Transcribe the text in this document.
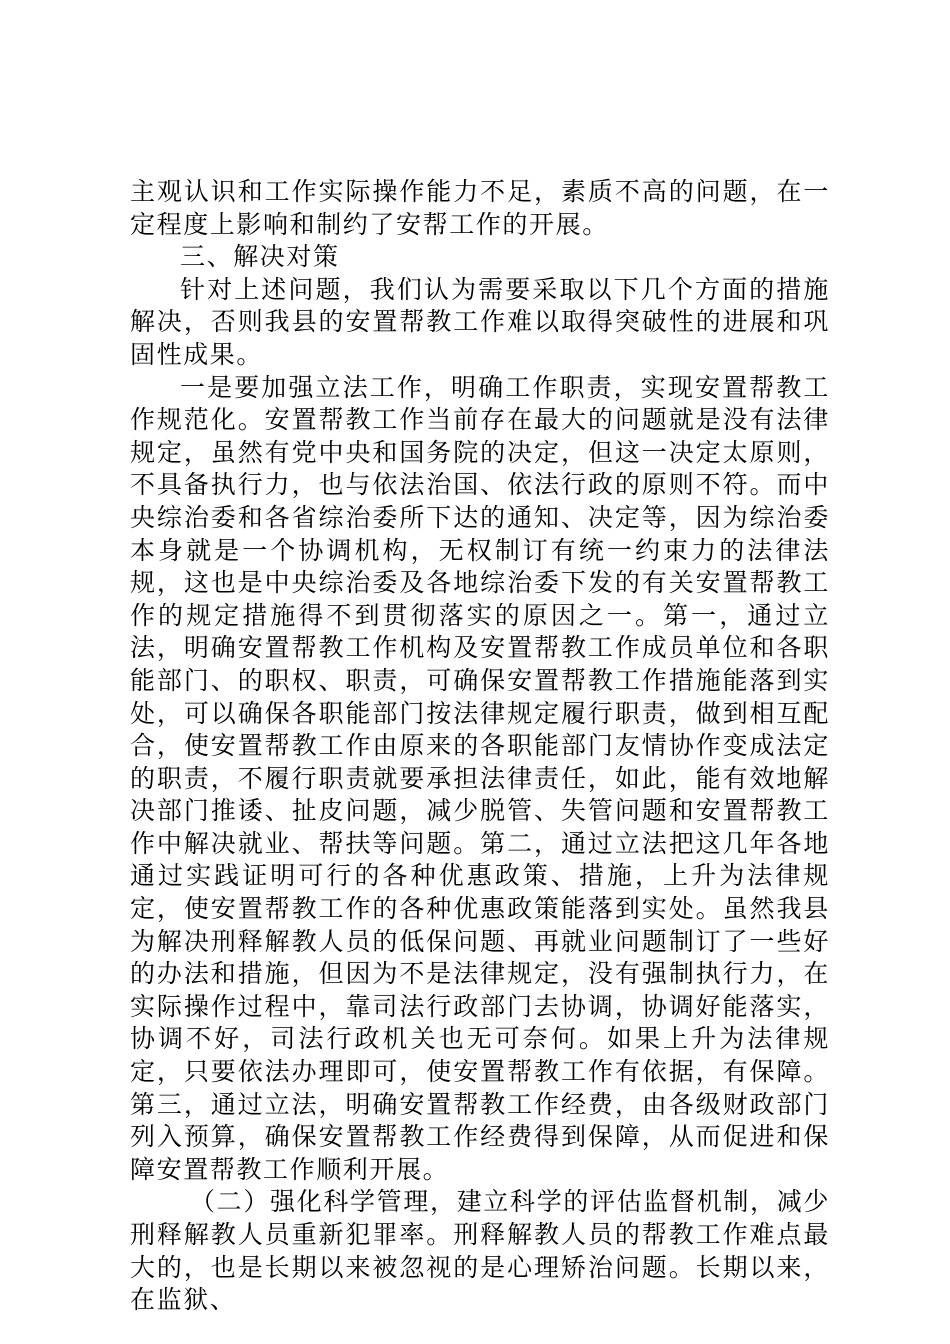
主观认识和工作实际操作能力不足，素质不高的问题，在一定程度上影响和制约了安帮工作的开展。

三、解决对策

针对上述问题，我们认为需要采取以下几个方面的措施解决，否则我县的安置帮教工作难以取得突破性的进展和巩固性成果。

一是要加强立法工作，明确工作职责，实现安置帮教工作规范化。安置帮教工作当前存在最大的问题就是没有法律规定，虽然有党中央和国务院的决定，但这一决定太原则，不具备执行力，也与依法治国、依法行政的原则不符。而中央综治委和各省综治委所下达的通知、决定等，因为综治委本身就是一个协调机构，无权制订有统一约束力的法律法规，这也是中央综治委及各地综治委下发的有关安置帮教工作的规定措施得不到贯彻落实的原因之一。第一，通过立法，明确安置帮教工作机构及安置帮教工作成员单位和各职能部门、的职权、职责，可确保安置帮教工作措施能落到实处，可以确保各职能部门按法律规定履行职责，做到相互配合，使安置帮教工作由原来的各职能部门友情协作变成法定的职责，不履行职责就要承担法律责任，如此，能有效地解决部门推诿、扯皮问题，减少脱管、失管问题和安置帮教工作中解决就业、帮扶等问题。第二，通过立法把这几年各地通过实践证明可行的各种优惠政策、措施，上升为法律规定，使安置帮教工作的各种优惠政策能落到实处。虽然我县为解决刑释解教人员的低保问题、再就业问题制订了一些好的办法和措施，但因为不是法律规定，没有强制执行力，在实际操作过程中，靠司法行政部门去协调，协调好能落实，协调不好，司法行政机关也无可奈何。如果上升为法律规定，只要依法办理即可，使安置帮教工作有依据，有保障。第三，通过立法，明确安置帮教工作经费，由各级财政部门列入预算，确保安置帮教工作经费得到保障，从而促进和保障安置帮教工作顺利开展。

（二）强化科学管理，建立科学的评估监督机制，减少刑释解教人员重新犯罪率。刑释解教人员的帮教工作难点最大的，也是长期以来被忽视的是心理矫治问题。长期以来，在监狱、
